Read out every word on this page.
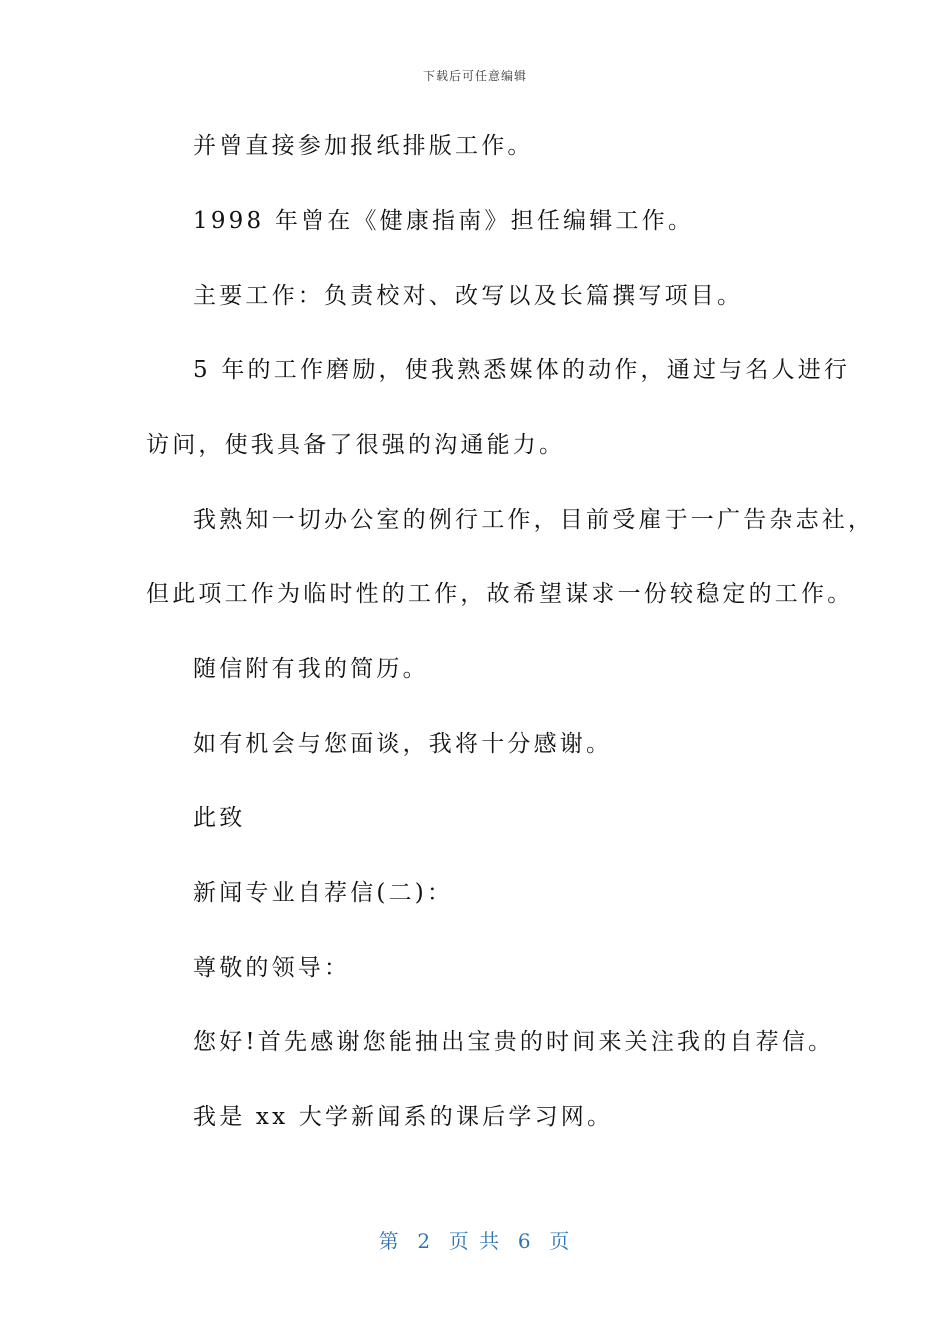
下载后可任意编辑
并曾直接参加报纸排版工作。
1998 年曾在《健康指南》担任编辑工作。
主要工作：负责校对、改写以及长篇撰写项目。
5 年的工作磨励，使我熟悉媒体的动作，通过与名人进行
访问，使我具备了很强的沟通能力。
我熟知一切办公室的例行工作，目前受雇于一广告杂志社，
但此项工作为临时性的工作，故希望谋求一份较稳定的工作。
随信附有我的简历。
如有机会与您面谈，我将十分感谢。
此致
新闻专业自荐信(二)：
尊敬的领导：
您好!首先感谢您能抽出宝贵的时间来关注我的自荐信。
我是 xx 大学新闻系的课后学习网。
第  2  页 共  6  页
